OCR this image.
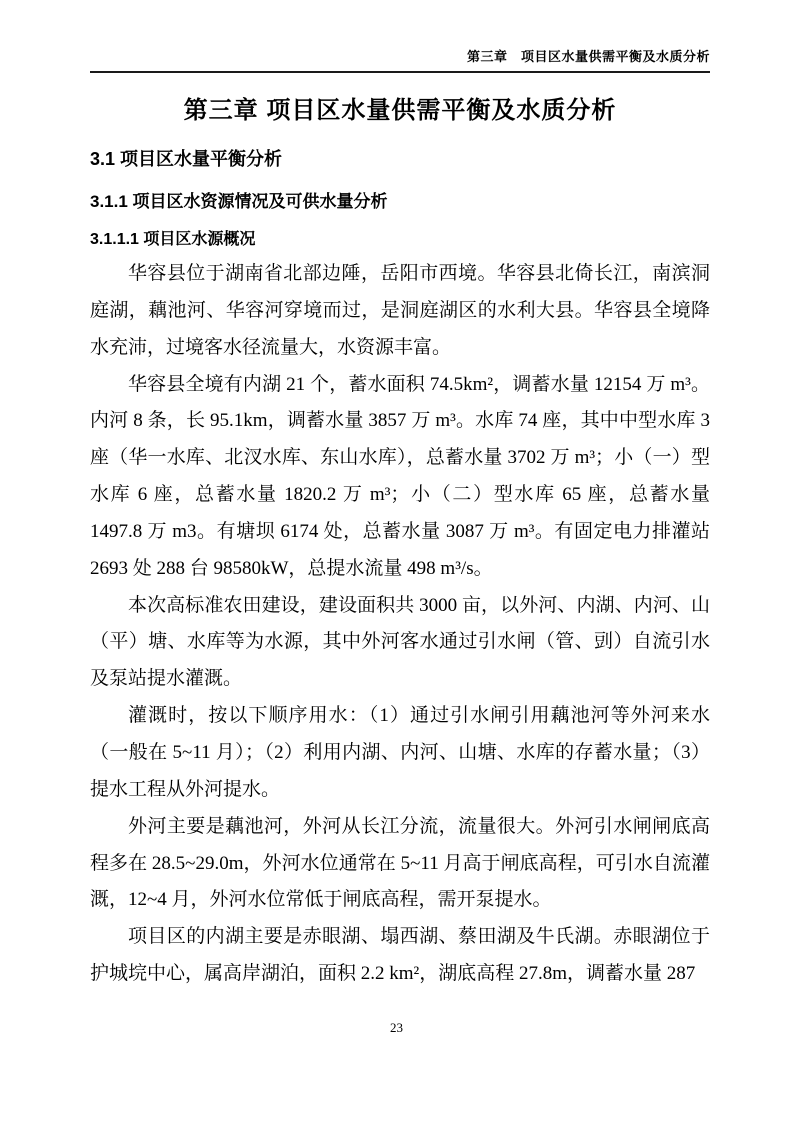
第三章　项目区水量供需平衡及水质分析
第三章 项目区水量供需平衡及水质分析
3.1 项目区水量平衡分析
3.1.1 项目区水资源情况及可供水量分析
3.1.1.1 项目区水源概况

华容县位于湖南省北部边陲，岳阳市西境。华容县北倚长江，南滨洞庭湖，藕池河、华容河穿境而过，是洞庭湖区的水利大县。华容县全境降水充沛，过境客水径流量大，水资源丰富。

华容县全境有内湖 21 个，蓄水面积 74.5km²，调蓄水量 12154 万 m³。内河 8 条，长 95.1km，调蓄水量 3857 万 m³。水库 74 座，其中中型水库 3 座（华一水库、北汊水库、东山水库），总蓄水量 3702 万 m³；小（一）型水库 6 座，总蓄水量 1820.2 万 m³；小（二）型水库 65 座，总蓄水量 1497.8 万 m3。有塘坝 6174 处，总蓄水量 3087 万 m³。有固定电力排灌站 2693 处 288 台 98580kW，总提水流量 498 m³/s。

本次高标准农田建设，建设面积共 3000 亩，以外河、内湖、内河、山（平）塘、水库等为水源，其中外河客水通过引水闸（管、剅）自流引水及泵站提水灌溉。

灌溉时，按以下顺序用水：（1）通过引水闸引用藕池河等外河来水（一般在 5~11 月）；（2）利用内湖、内河、山塘、水库的存蓄水量；（3）提水工程从外河提水。

外河主要是藕池河，外河从长江分流，流量很大。外河引水闸闸底高程多在 28.5~29.0m，外河水位通常在 5~11 月高于闸底高程，可引水自流灌溉，12~4 月，外河水位常低于闸底高程，需开泵提水。

项目区的内湖主要是赤眼湖、塌西湖、蔡田湖及牛氏湖。赤眼湖位于护城垸中心，属高岸湖泊，面积 2.2 km²，湖底高程 27.8m，调蓄水量 287

23
